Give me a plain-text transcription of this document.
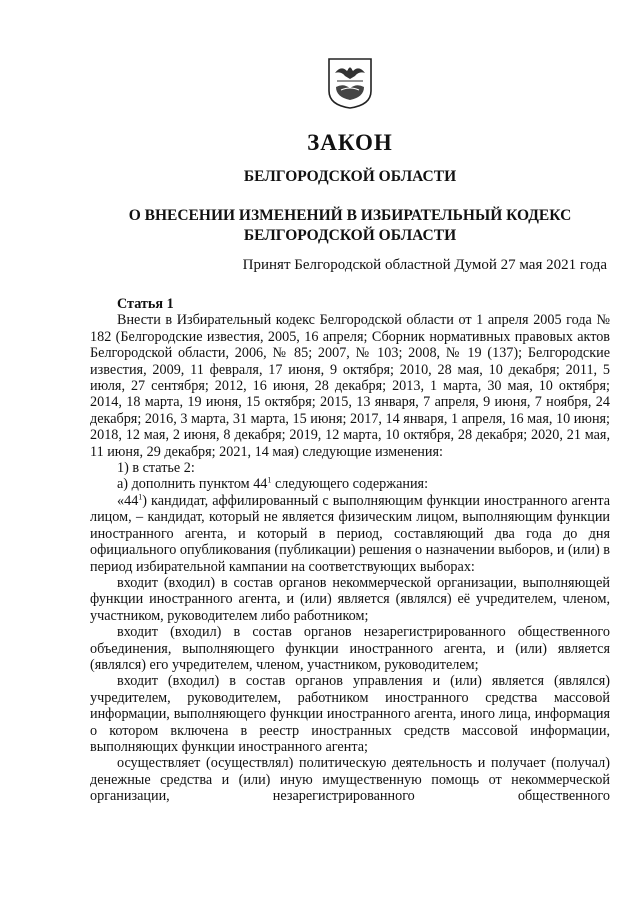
ЗАКОН
БЕЛГОРОДСКОЙ ОБЛАСТИ
О ВНЕСЕНИИ ИЗМЕНЕНИЙ В ИЗБИРАТЕЛЬНЫЙ КОДЕКС
БЕЛГОРОДСКОЙ ОБЛАСТИ
Принят Белгородской областной Думой 27 мая 2021 года

Статья 1

Внести в Избирательный кодекс Белгородской области от 1 апреля 2005 года № 182 (Белгородские известия, 2005, 16 апреля; Сборник нормативных правовых актов Белгородской области, 2006, № 85; 2007, № 103; 2008, № 19 (137); Белгородские известия, 2009, 11 февраля, 17 июня, 9 октября; 2010, 28 мая, 10 декабря; 2011, 5 июля, 27 сентября; 2012, 16 июня, 28 декабря; 2013, 1 марта, 30 мая, 10 октября; 2014, 18 марта, 19 июня, 15 октября; 2015, 13 января, 7 апреля, 9 июня, 7 ноября, 24 декабря; 2016, 3 марта, 31 марта, 15 июня; 2017, 14 января, 1 апреля, 16 мая, 10 июня; 2018, 12 мая, 2 июня, 8 декабря; 2019, 12 марта, 10 октября, 28 декабря; 2020, 21 мая, 11 июня, 29 декабря; 2021, 14 мая) следующие изменения:

1) в статье 2:

а) дополнить пунктом $44^1$ следующего содержания:

«$44^1$) кандидат, аффилированный с выполняющим функции иностранного агента лицом, – кандидат, который не является физическим лицом, выполняющим функции иностранного агента, и который в период, составляющий два года до дня официального опубликования (публикации) решения о назначении выборов, и (или) в период избирательной кампании на соответствующих выборах:

входит (входил) в состав органов некоммерческой организации, выполняющей функции иностранного агента, и (или) является (являлся) её учредителем, членом, участником, руководителем либо работником;

входит (входил) в состав органов незарегистрированного общественного объединения, выполняющего функции иностранного агента, и (или) является (являлся) его учредителем, членом, участником, руководителем;

входит (входил) в состав органов управления и (или) является (являлся) учредителем, руководителем, работником иностранного средства массовой информации, выполняющего функции иностранного агента, иного лица, информация о котором включена в реестр иностранных средств массовой информации, выполняющих функции иностранного агента;

осуществляет (осуществлял) политическую деятельность и получает (получал) денежные средства и (или) иную имущественную помощь от некоммерческой организации, незарегистрированного общественного
